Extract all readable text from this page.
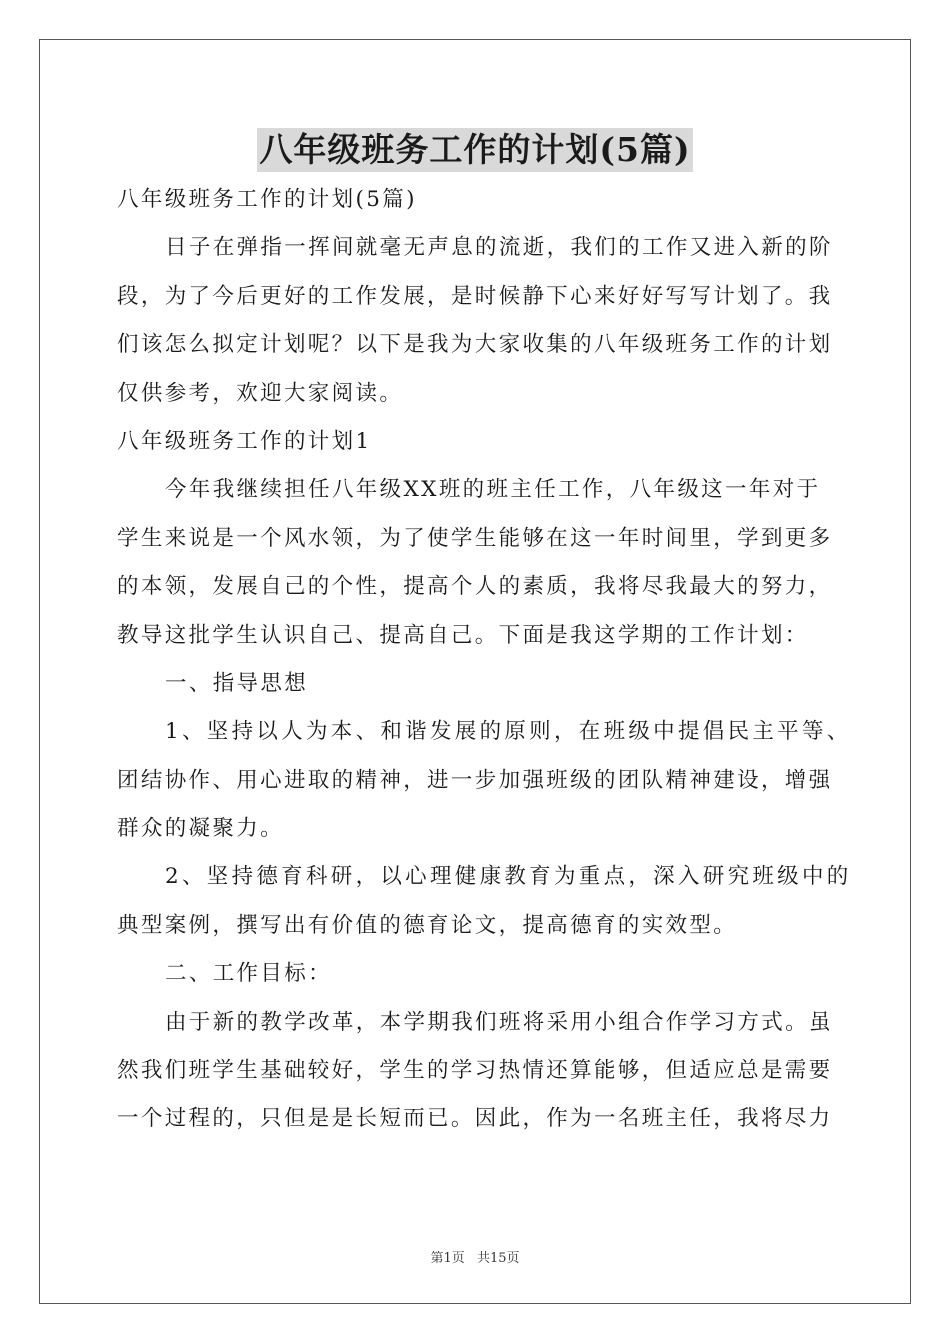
八年级班务工作的计划(5篇)
八年级班务工作的计划(5篇)
日子在弹指一挥间就毫无声息的流逝，我们的工作又进入新的阶
段，为了今后更好的工作发展，是时候静下心来好好写写计划了。我
们该怎么拟定计划呢？以下是我为大家收集的八年级班务工作的计划
仅供参考，欢迎大家阅读。
八年级班务工作的计划1
今年我继续担任八年级XX班的班主任工作，八年级这一年对于
学生来说是一个风水领，为了使学生能够在这一年时间里，学到更多
的本领，发展自己的个性，提高个人的素质，我将尽我最大的努力，
教导这批学生认识自己、提高自己。下面是我这学期的工作计划：
一、指导思想
1、坚持以人为本、和谐发展的原则，在班级中提倡民主平等、
团结协作、用心进取的精神，进一步加强班级的团队精神建设，增强
群众的凝聚力。
2、坚持德育科研，以心理健康教育为重点，深入研究班级中的
典型案例，撰写出有价值的德育论文，提高德育的实效型。
二、工作目标：
由于新的教学改革，本学期我们班将采用小组合作学习方式。虽
然我们班学生基础较好，学生的学习热情还算能够，但适应总是需要
一个过程的，只但是是长短而已。因此，作为一名班主任，我将尽力
第1页 共15页
